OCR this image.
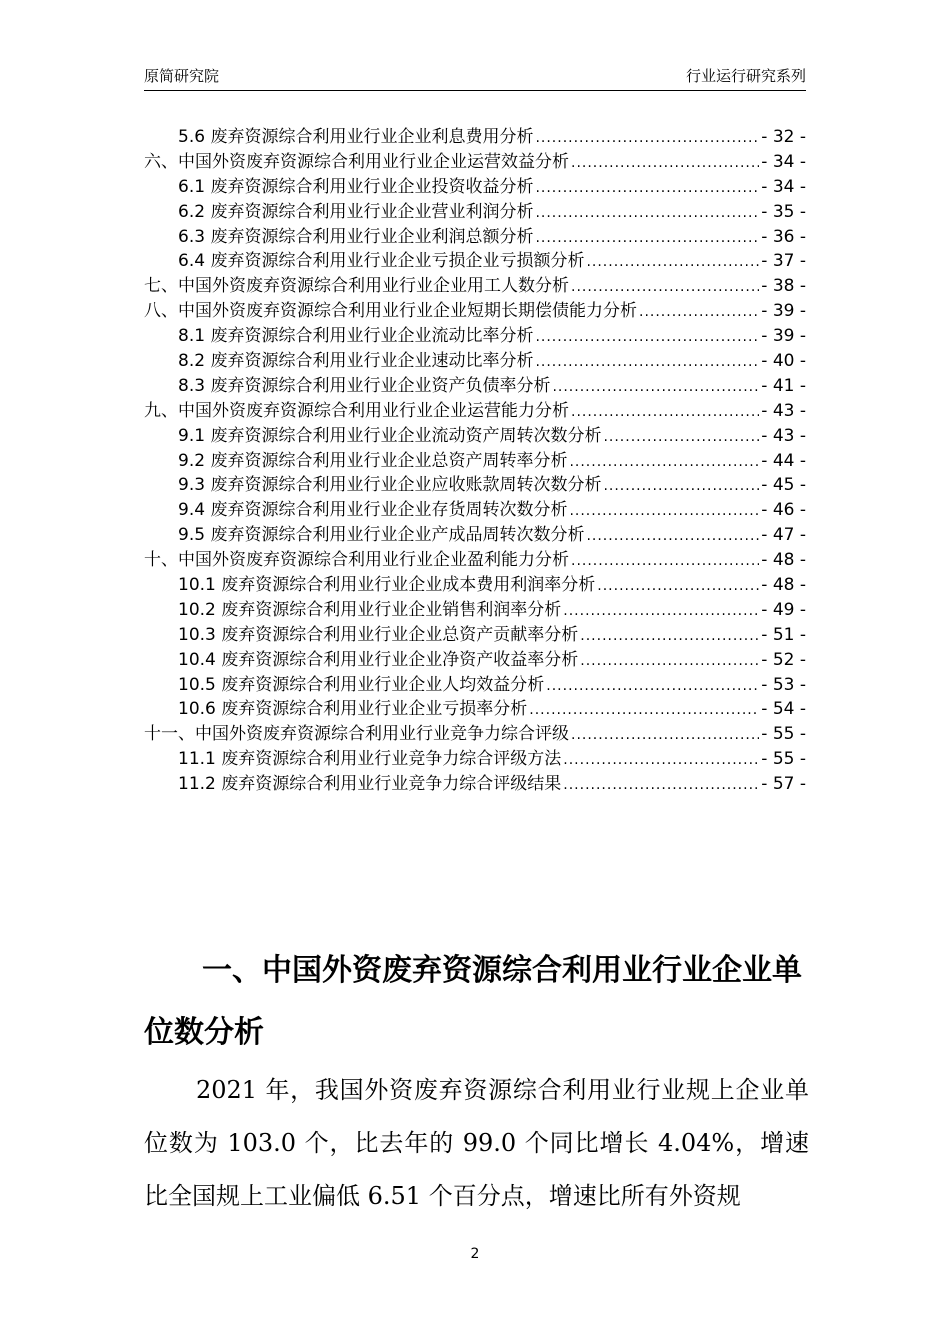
原简研究院	行业运行研究系列
5.6 废弃资源综合利用业行业企业利息费用分析 .....	- 32 -
六、中国外资废弃资源综合利用业行业企业运营效益分析 .....	- 34 -
6.1 废弃资源综合利用业行业企业投资收益分析 .....	- 34 -
6.2 废弃资源综合利用业行业企业营业利润分析 .....	- 35 -
6.3 废弃资源综合利用业行业企业利润总额分析 .....	- 36 -
6.4 废弃资源综合利用业行业企业亏损企业亏损额分析 .....	- 37 -
七、中国外资废弃资源综合利用业行业企业用工人数分析 .....	- 38 -
八、中国外资废弃资源综合利用业行业企业短期长期偿债能力分析 .....	- 39 -
8.1 废弃资源综合利用业行业企业流动比率分析 .....	- 39 -
8.2 废弃资源综合利用业行业企业速动比率分析 .....	- 40 -
8.3 废弃资源综合利用业行业企业资产负债率分析 .....	- 41 -
九、中国外资废弃资源综合利用业行业企业运营能力分析 .....	- 43 -
9.1 废弃资源综合利用业行业企业流动资产周转次数分析 .....	- 43 -
9.2 废弃资源综合利用业行业企业总资产周转率分析 .....	- 44 -
9.3 废弃资源综合利用业行业企业应收账款周转次数分析 .....	- 45 -
9.4 废弃资源综合利用业行业企业存货周转次数分析 .....	- 46 -
9.5 废弃资源综合利用业行业企业产成品周转次数分析 .....	- 47 -
十、中国外资废弃资源综合利用业行业企业盈利能力分析 .....	- 48 -
10.1 废弃资源综合利用业行业企业成本费用利润率分析 .....	- 48 -
10.2 废弃资源综合利用业行业企业销售利润率分析 .....	- 49 -
10.3 废弃资源综合利用业行业企业总资产贡献率分析 .....	- 51 -
10.4 废弃资源综合利用业行业企业净资产收益率分析 .....	- 52 -
10.5 废弃资源综合利用业行业企业人均效益分析 .....	- 53 -
10.6 废弃资源综合利用业行业企业亏损率分析 .....	- 54 -
十一、中国外资废弃资源综合利用业行业竞争力综合评级 .....	- 55 -
11.1 废弃资源综合利用业行业竞争力综合评级方法 .....	- 55 -
11.2 废弃资源综合利用业行业竞争力综合评级结果 .....	- 57 -
一、中国外资废弃资源综合利用业行业企业单位数分析

2021 年，我国外资废弃资源综合利用业行业规上企业单位数为 103.0 个，比去年的 99.0 个同比增长 4.04%，增速比全国规上工业偏低 6.51 个百分点，增速比所有外资规

2
